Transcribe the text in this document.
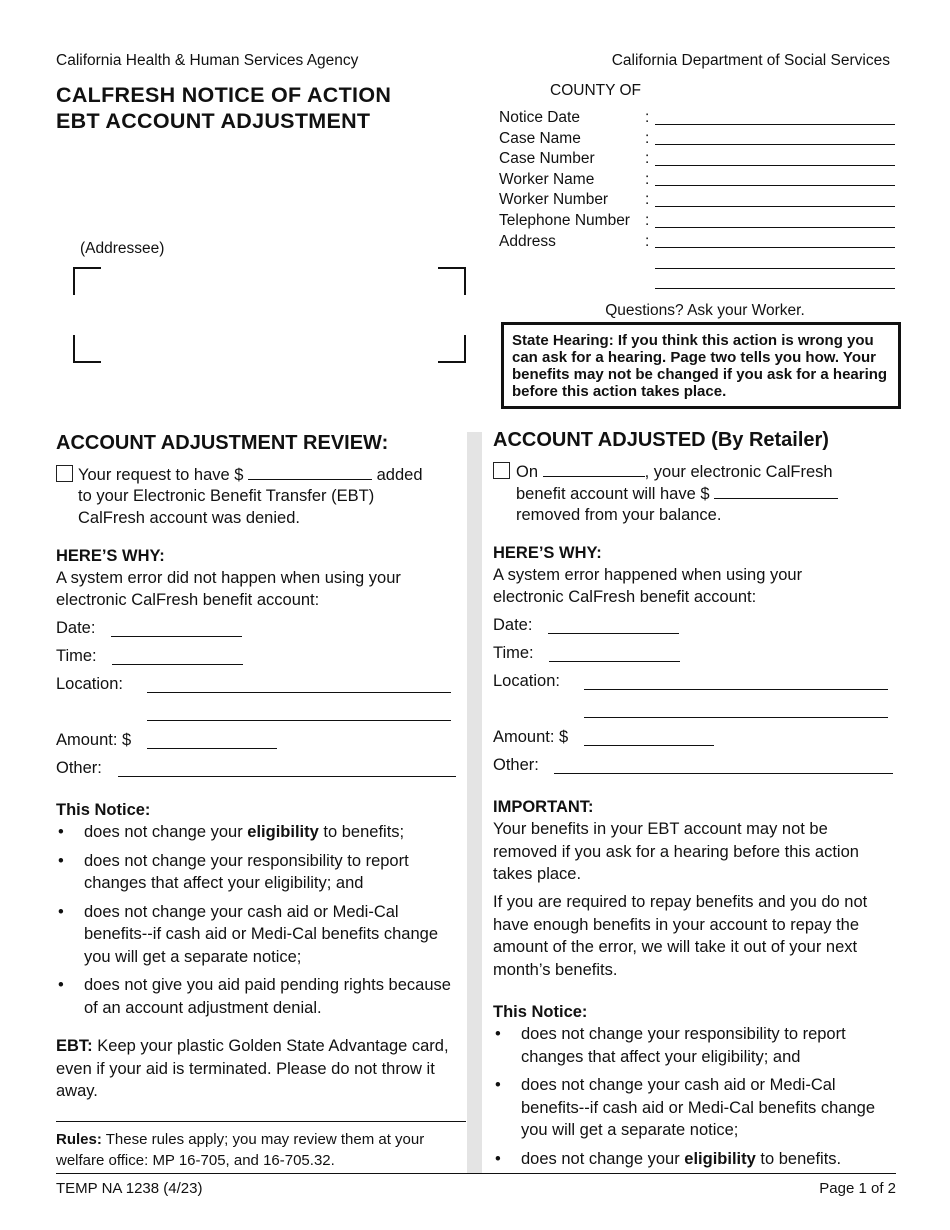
California Health & Human Services Agency	California Department of Social Services
CALFRESH NOTICE OF ACTION
EBT ACCOUNT ADJUSTMENT
COUNTY OF
Notice Date	:
Case Name	:
Case Number	:
Worker Name	:
Worker Number	:
Telephone Number :
Address	:
(Addressee)
Questions? Ask your Worker.
State Hearing: If you think this action is wrong you can ask for a hearing. Page two tells you how. Your benefits may not be changed if you ask for a hearing before this action takes place.
ACCOUNT ADJUSTMENT REVIEW:
Your request to have $	added
to your Electronic Benefit Transfer (EBT)
CalFresh account was denied.
HERE’S WHY:
A system error did not happen when using your
electronic CalFresh benefit account:
Date:
Time:
Location:
Amount: $
Other:
This Notice:
• does not change your eligibility to benefits;
• does not change your responsibility to report changes that affect your eligibility; and
• does not change your cash aid or Medi-Cal benefits--if cash aid or Medi-Cal benefits change you will get a separate notice;
• does not give you aid paid pending rights because of an account adjustment denial.
EBT: Keep your plastic Golden State Advantage card, even if your aid is terminated. Please do not throw it away.
Rules: These rules apply; you may review them at your welfare office: MP 16-705, and 16-705.32.
ACCOUNT ADJUSTED (By Retailer)
On	, your electronic CalFresh
benefit account will have $
removed from your balance.
HERE’S WHY:
A system error happened when using your
electronic CalFresh benefit account:
Date:
Time:
Location:
Amount: $
Other:
IMPORTANT:
Your benefits in your EBT account may not be removed if you ask for a hearing before this action takes place.
If you are required to repay benefits and you do not have enough benefits in your account to repay the amount of the error, we will take it out of your next month’s benefits.
This Notice:
• does not change your responsibility to report changes that affect your eligibility; and
• does not change your cash aid or Medi-Cal benefits--if cash aid or Medi-Cal benefits change you will get a separate notice;
• does not change your eligibility to benefits.
TEMP NA 1238 (4/23)	Page 1 of 2
